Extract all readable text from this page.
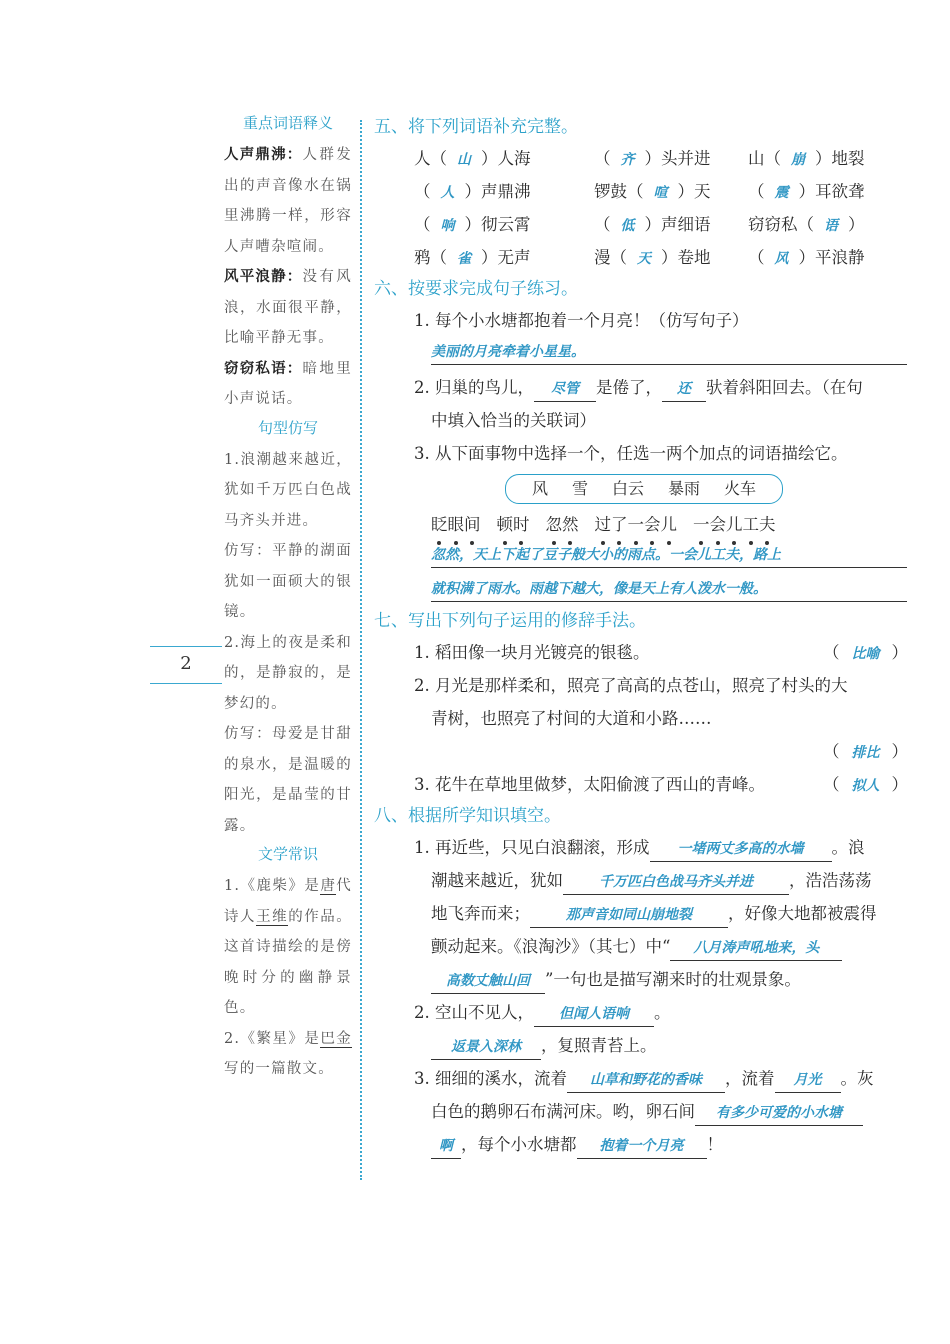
重点词语释义

人声鼎沸：人群发出的声音像水在锅里沸腾一样，形容人声嘈杂喧闹。

风平浪静：没有风浪，水面很平静，比喻平静无事。

窃窃私语：暗地里小声说话。

句型仿写

1.浪潮越来越近，犹如千万匹白色战马齐头并进。

仿写：平静的湖面犹如一面硕大的银镜。

2.海上的夜是柔和的，是静寂的，是梦幻的。

仿写：母爱是甘甜的泉水，是温暖的阳光，是晶莹的甘露。

文学常识

1.《鹿柴》是唐代诗人王维的作品。这首诗描绘的是傍晚时分的幽静景色。

2.《繁星》是巴金写的一篇散文。

2
五、将下列词语补充完整。
人（ 山 ）人海	（ 齐 ）头并进 山（ 崩 ）地裂
（ 人 ）声鼎沸	锣鼓（ 喧 ）天 （ 震 ）耳欲聋
（ 响 ）彻云霄	（ 低 ）声细语 窃窃私（ 语 ）
鸦（ 雀 ）无声	漫（ 天 ）卷地 （ 风 ）平浪静
六、按要求完成句子练习。
1. 每个小水塘都抱着一个月亮！（仿写句子）
美丽的月亮牵着小星星。
2. 归巢的鸟儿， 尽管 是倦了， 还 驮着斜阳回去。（在句
中填入恰当的关联词）
3. 从下面事物中选择一个，任选一两个加点的词语描绘它。
风 雪 白云 暴雨 火车
眨眼间 顿时 忽然 过了一会儿 一会儿工夫
忽然，天上下起了豆子般大小的雨点。一会儿工夫，路上
就积满了雨水。雨越下越大，像是天上有人泼水一般。
七、写出下列句子运用的修辞手法。
1. 稻田像一块月光镀亮的银毯。	（ 比喻 ）
2. 月光是那样柔和，照亮了高高的点苍山，照亮了村头的大
青树，也照亮了村间的大道和小路……
（ 排比 ）
3. 花牛在草地里做梦，太阳偷渡了西山的青峰。	（ 拟人 ）
八、根据所学知识填空。
1. 再近些，只见白浪翻滚，形成 一堵两丈多高的水墙 。浪
潮越来越近，犹如	千万匹白色战马齐头并进 ，浩浩荡荡
地飞奔而来；	那声音如同山崩地裂 ，好像大地都被震得
颤动起来。《浪淘沙》（其七）中“ 八月涛声吼地来，头
高数丈触山回 ”一句也是描写潮来时的壮观景象。
2. 空山不见人， 但闻人语响 。
返景入深林 ，复照青苔上。
3. 细细的溪水，流着 山草和野花的香味 ，流着 月光 。灰
白色的鹅卵石布满河床。哟，卵石间 有多少可爱的小水塘
啊 ，每个小水塘都 抱着一个月亮 ！
